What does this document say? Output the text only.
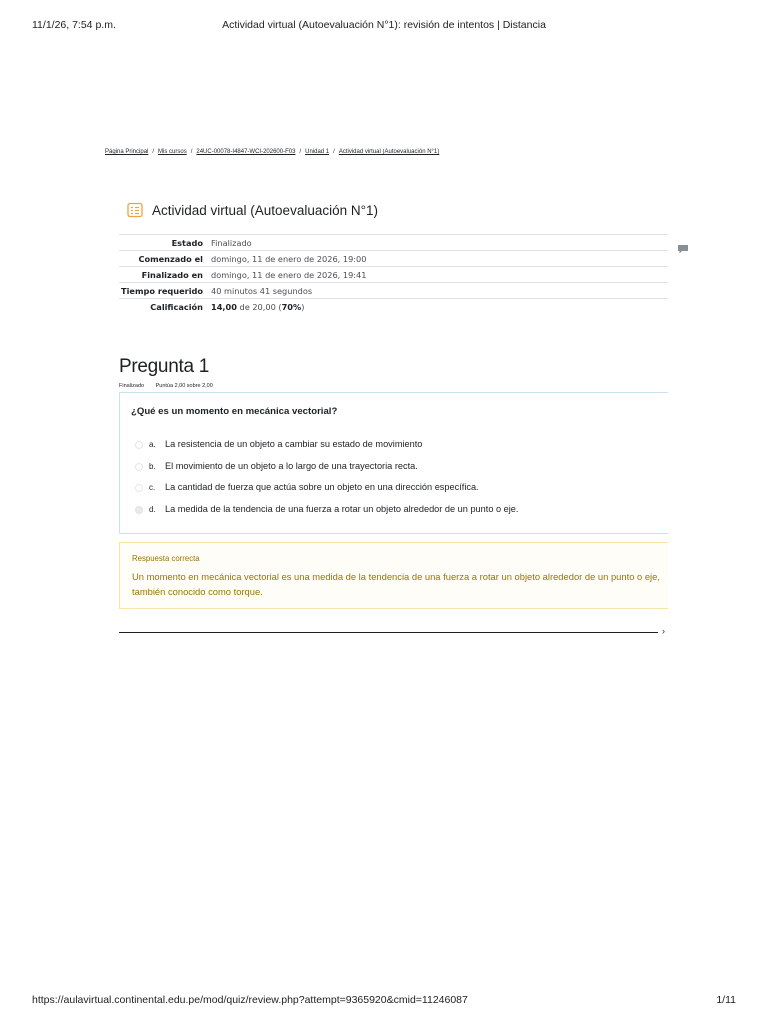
11/1/26, 7:54 p.m.	Actividad virtual (Autoevaluación N°1): revisión de intentos | Distancia
Página Principal / Mis cursos / 24UC-00078-I4847-WCI-202600-F03 / Unidad 1 / Actividad virtual (Autoevaluación N°1)
Actividad virtual (Autoevaluación N°1)
Estado	Finalizado
Comenzado el	domingo, 11 de enero de 2026, 19:00
Finalizado en	domingo, 11 de enero de 2026, 19:41
Tiempo requerido	40 minutos 41 segundos
Calificación	14,00 de 20,00 (70%)
Pregunta 1
Finalizado Puntúa 2,00 sobre 2,00
¿Qué es un momento en mecánica vectorial?
a.	La resistencia de un objeto a cambiar su estado de movimiento
b.	El movimiento de un objeto a lo largo de una trayectoria recta.
c.	La cantidad de fuerza que actúa sobre un objeto en una dirección específica.
d.	La medida de la tendencia de una fuerza a rotar un objeto alrededor de un punto o eje.
Respuesta correcta
Un momento en mecánica vectorial es una medida de la tendencia de una fuerza a rotar un objeto alrededor de un punto o eje, también conocido como torque.
›
https://aulavirtual.continental.edu.pe/mod/quiz/review.php?attempt=9365920&cmid=11246087	1/11
